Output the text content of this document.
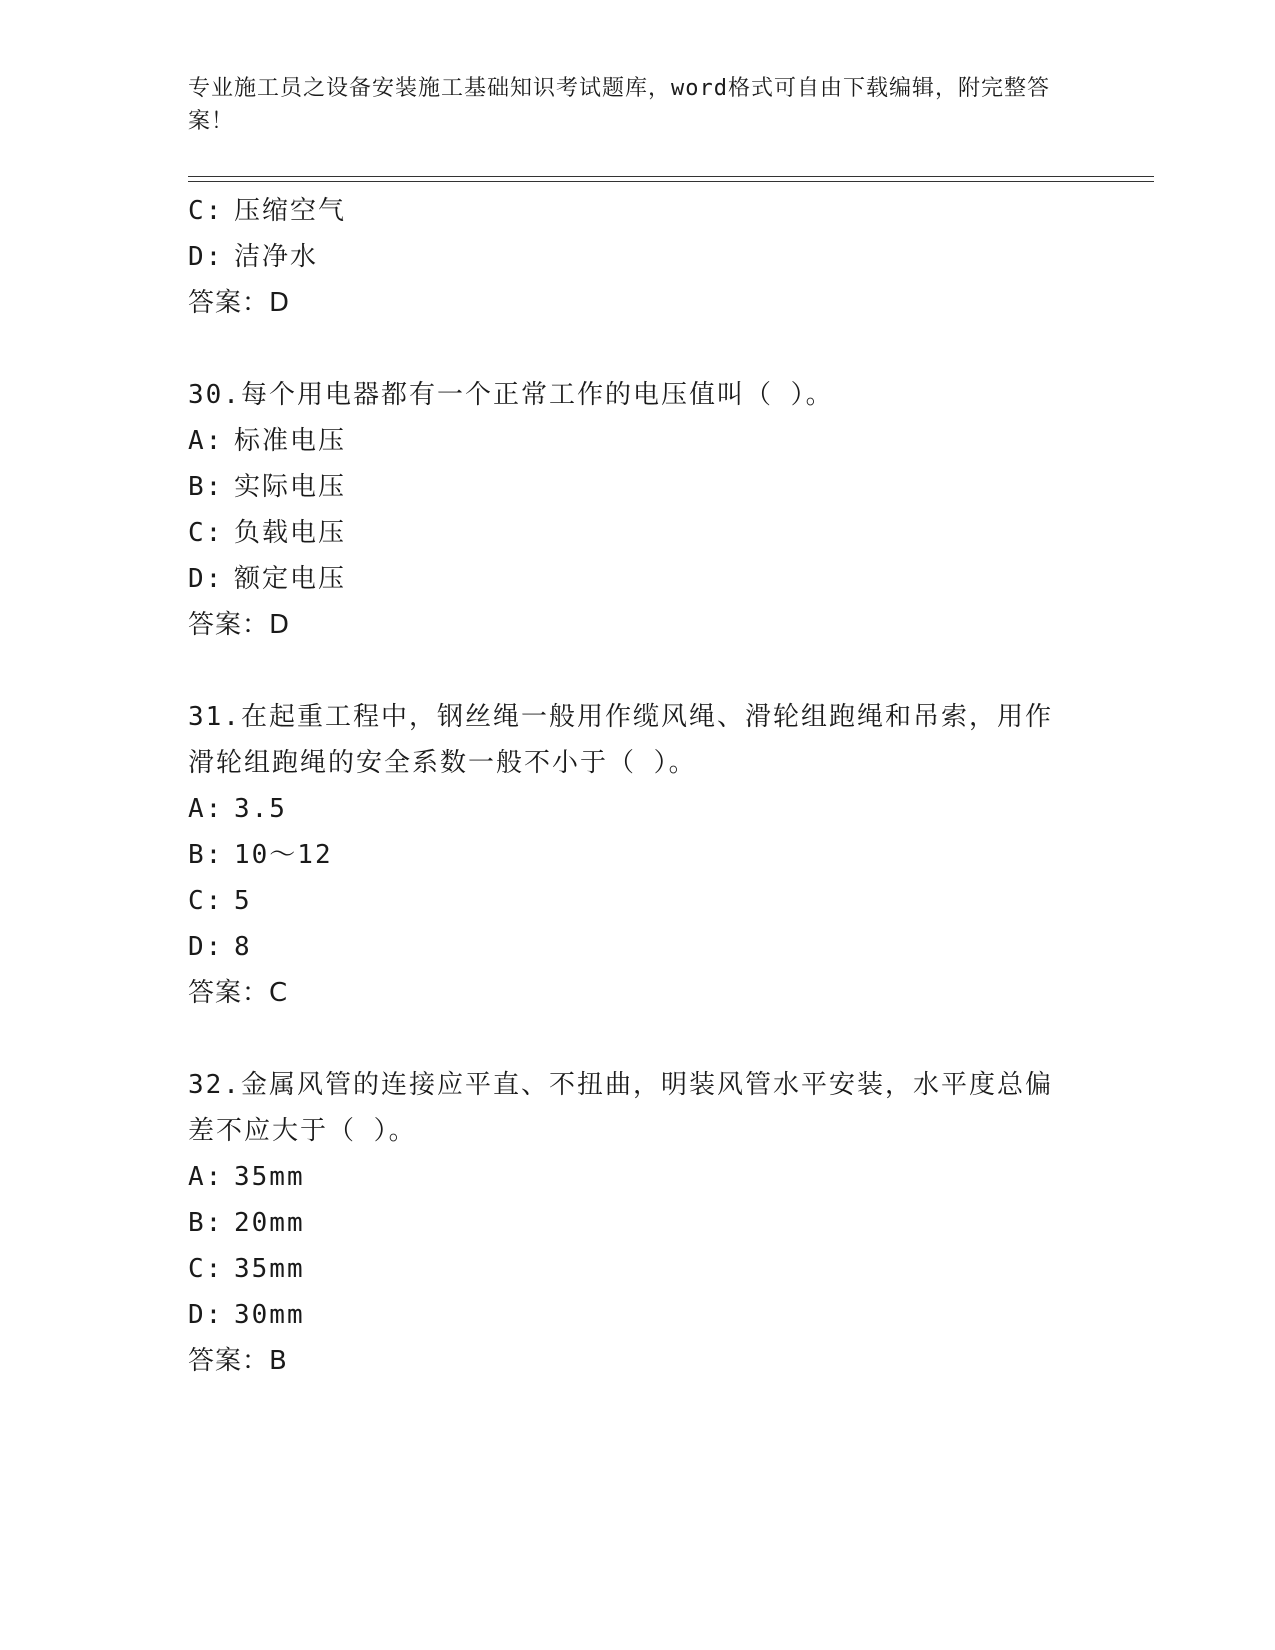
专业施工员之设备安装施工基础知识考试题库，word格式可自由下载编辑，附完整答案！
C: 压缩空气
D: 洁净水
答案：D
30.每个用电器都有一个正常工作的电压值叫（ ）。
A: 标准电压
B: 实际电压
C: 负载电压
D: 额定电压
答案：D
31.在起重工程中，钢丝绳一般用作缆风绳、滑轮组跑绳和吊索，用作滑轮组跑绳的安全系数一般不小于（ ）。
A: 3.5
B: 10～12
C: 5
D: 8
答案：C
32.金属风管的连接应平直、不扭曲，明装风管水平安装，水平度总偏差不应大于（ ）。
A: 35mm
B: 20mm
C: 35mm
D: 30mm
答案：B
